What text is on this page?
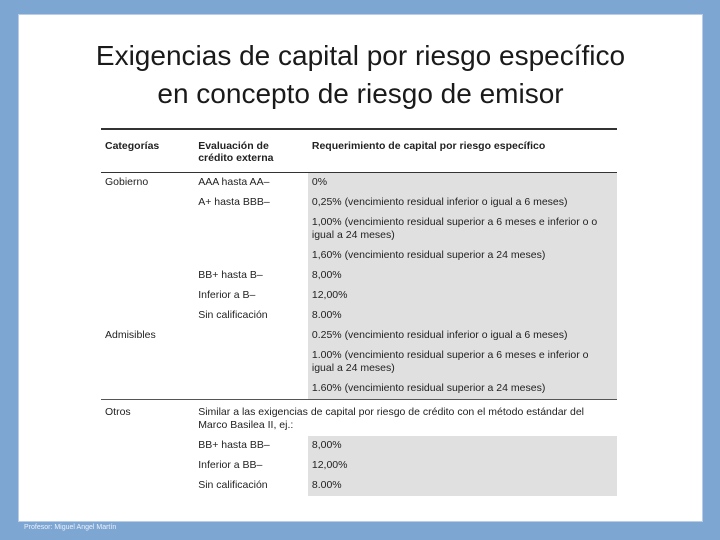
Exigencias de capital por riesgo específico
en concepto de riesgo de emisor
Categorías	Evaluación de crédito externa	Requerimiento de capital por riesgo específico
Gobierno	AAA hasta AA–	0%
	A+ hasta BBB–	0,25% (vencimiento residual inferior o igual a 6 meses)
		1,00% (vencimiento residual superior a 6 meses e inferior o o igual a 24 meses)
		1,60% (vencimiento residual superior a 24 meses)
	BB+ hasta B–	8,00%
	Inferior a B–	12,00%
	Sin calificación	8.00%
Admisibles		0.25% (vencimiento residual inferior o igual a 6 meses)
		1.00% (vencimiento residual superior a 6 meses e inferior o igual a 24 meses)
		1.60% (vencimiento residual superior a 24 meses)
Otros	Similar a las exigencias de capital por riesgo de crédito con el método estándar del Marco Basilea II, ej.:	
	BB+ hasta BB–	8,00%
	Inferior a BB–	12,00%
	Sin calificación	8.00%
Profesor: Miguel Angel Martín
